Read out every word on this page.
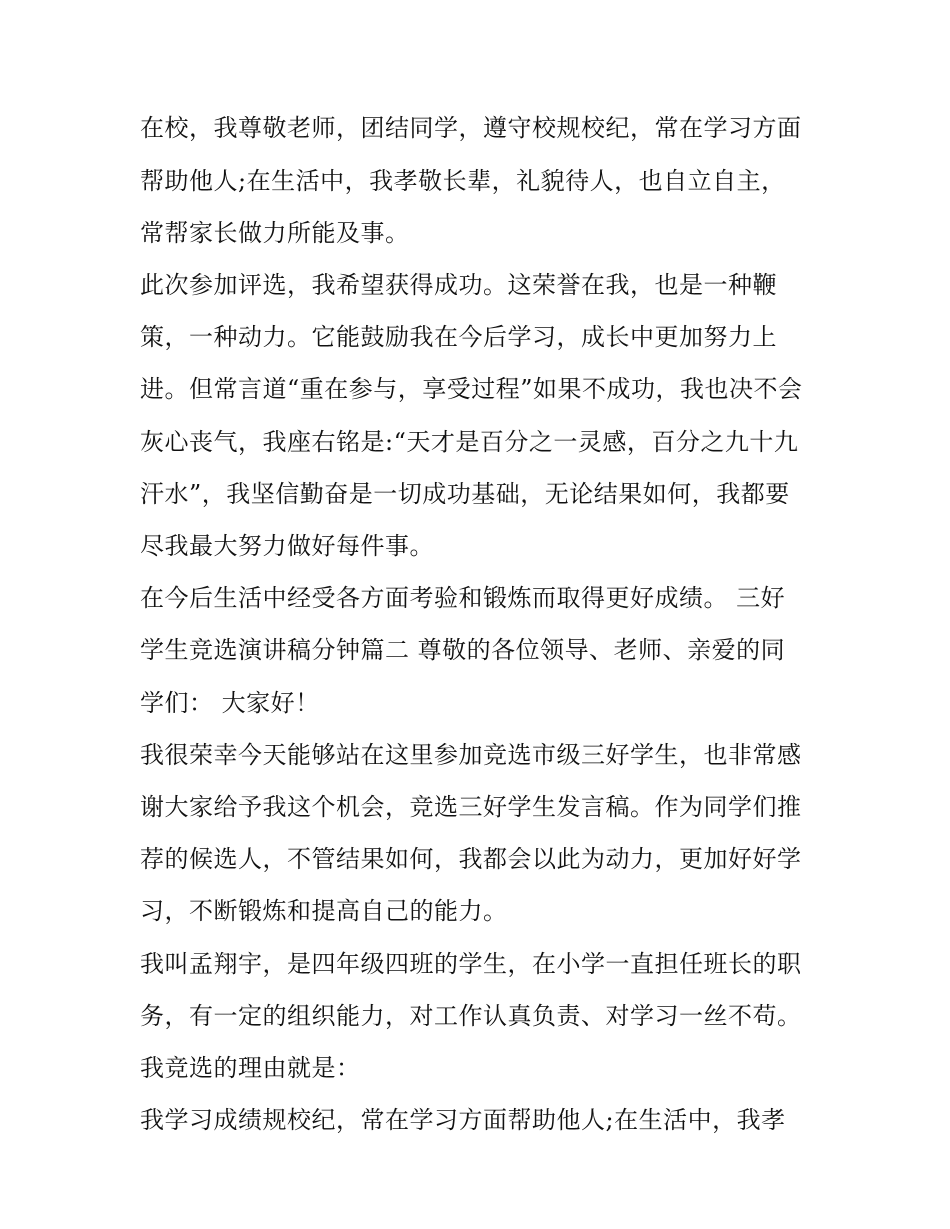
在校，我尊敬老师，团结同学，遵守校规校纪，常在学习方面
帮助他人;在生活中，我孝敬长辈，礼貌待人，也自立自主，
常帮家长做力所能及事。
此次参加评选，我希望获得成功。这荣誉在我，也是一种鞭
策，一种动力。它能鼓励我在今后学习，成长中更加努力上
进。但常言道“重在参与，享受过程”如果不成功，我也决不会
灰心丧气，我座右铭是:“天才是百分之一灵感，百分之九十九
汗水”，我坚信勤奋是一切成功基础，无论结果如何，我都要
尽我最大努力做好每件事。
在今后生活中经受各方面考验和锻炼而取得更好成绩。 三好
学生竞选演讲稿分钟篇二 尊敬的各位领导、老师、亲爱的同
学们： 大家好！
我很荣幸今天能够站在这里参加竞选市级三好学生，也非常感
谢大家给予我这个机会，竞选三好学生发言稿。作为同学们推
荐的候选人，不管结果如何，我都会以此为动力，更加好好学
习，不断锻炼和提高自己的能力。
我叫孟翔宇，是四年级四班的学生，在小学一直担任班长的职
务，有一定的组织能力，对工作认真负责、对学习一丝不苟。
我竞选的理由就是：
我学习成绩规校纪，常在学习方面帮助他人;在生活中，我孝
